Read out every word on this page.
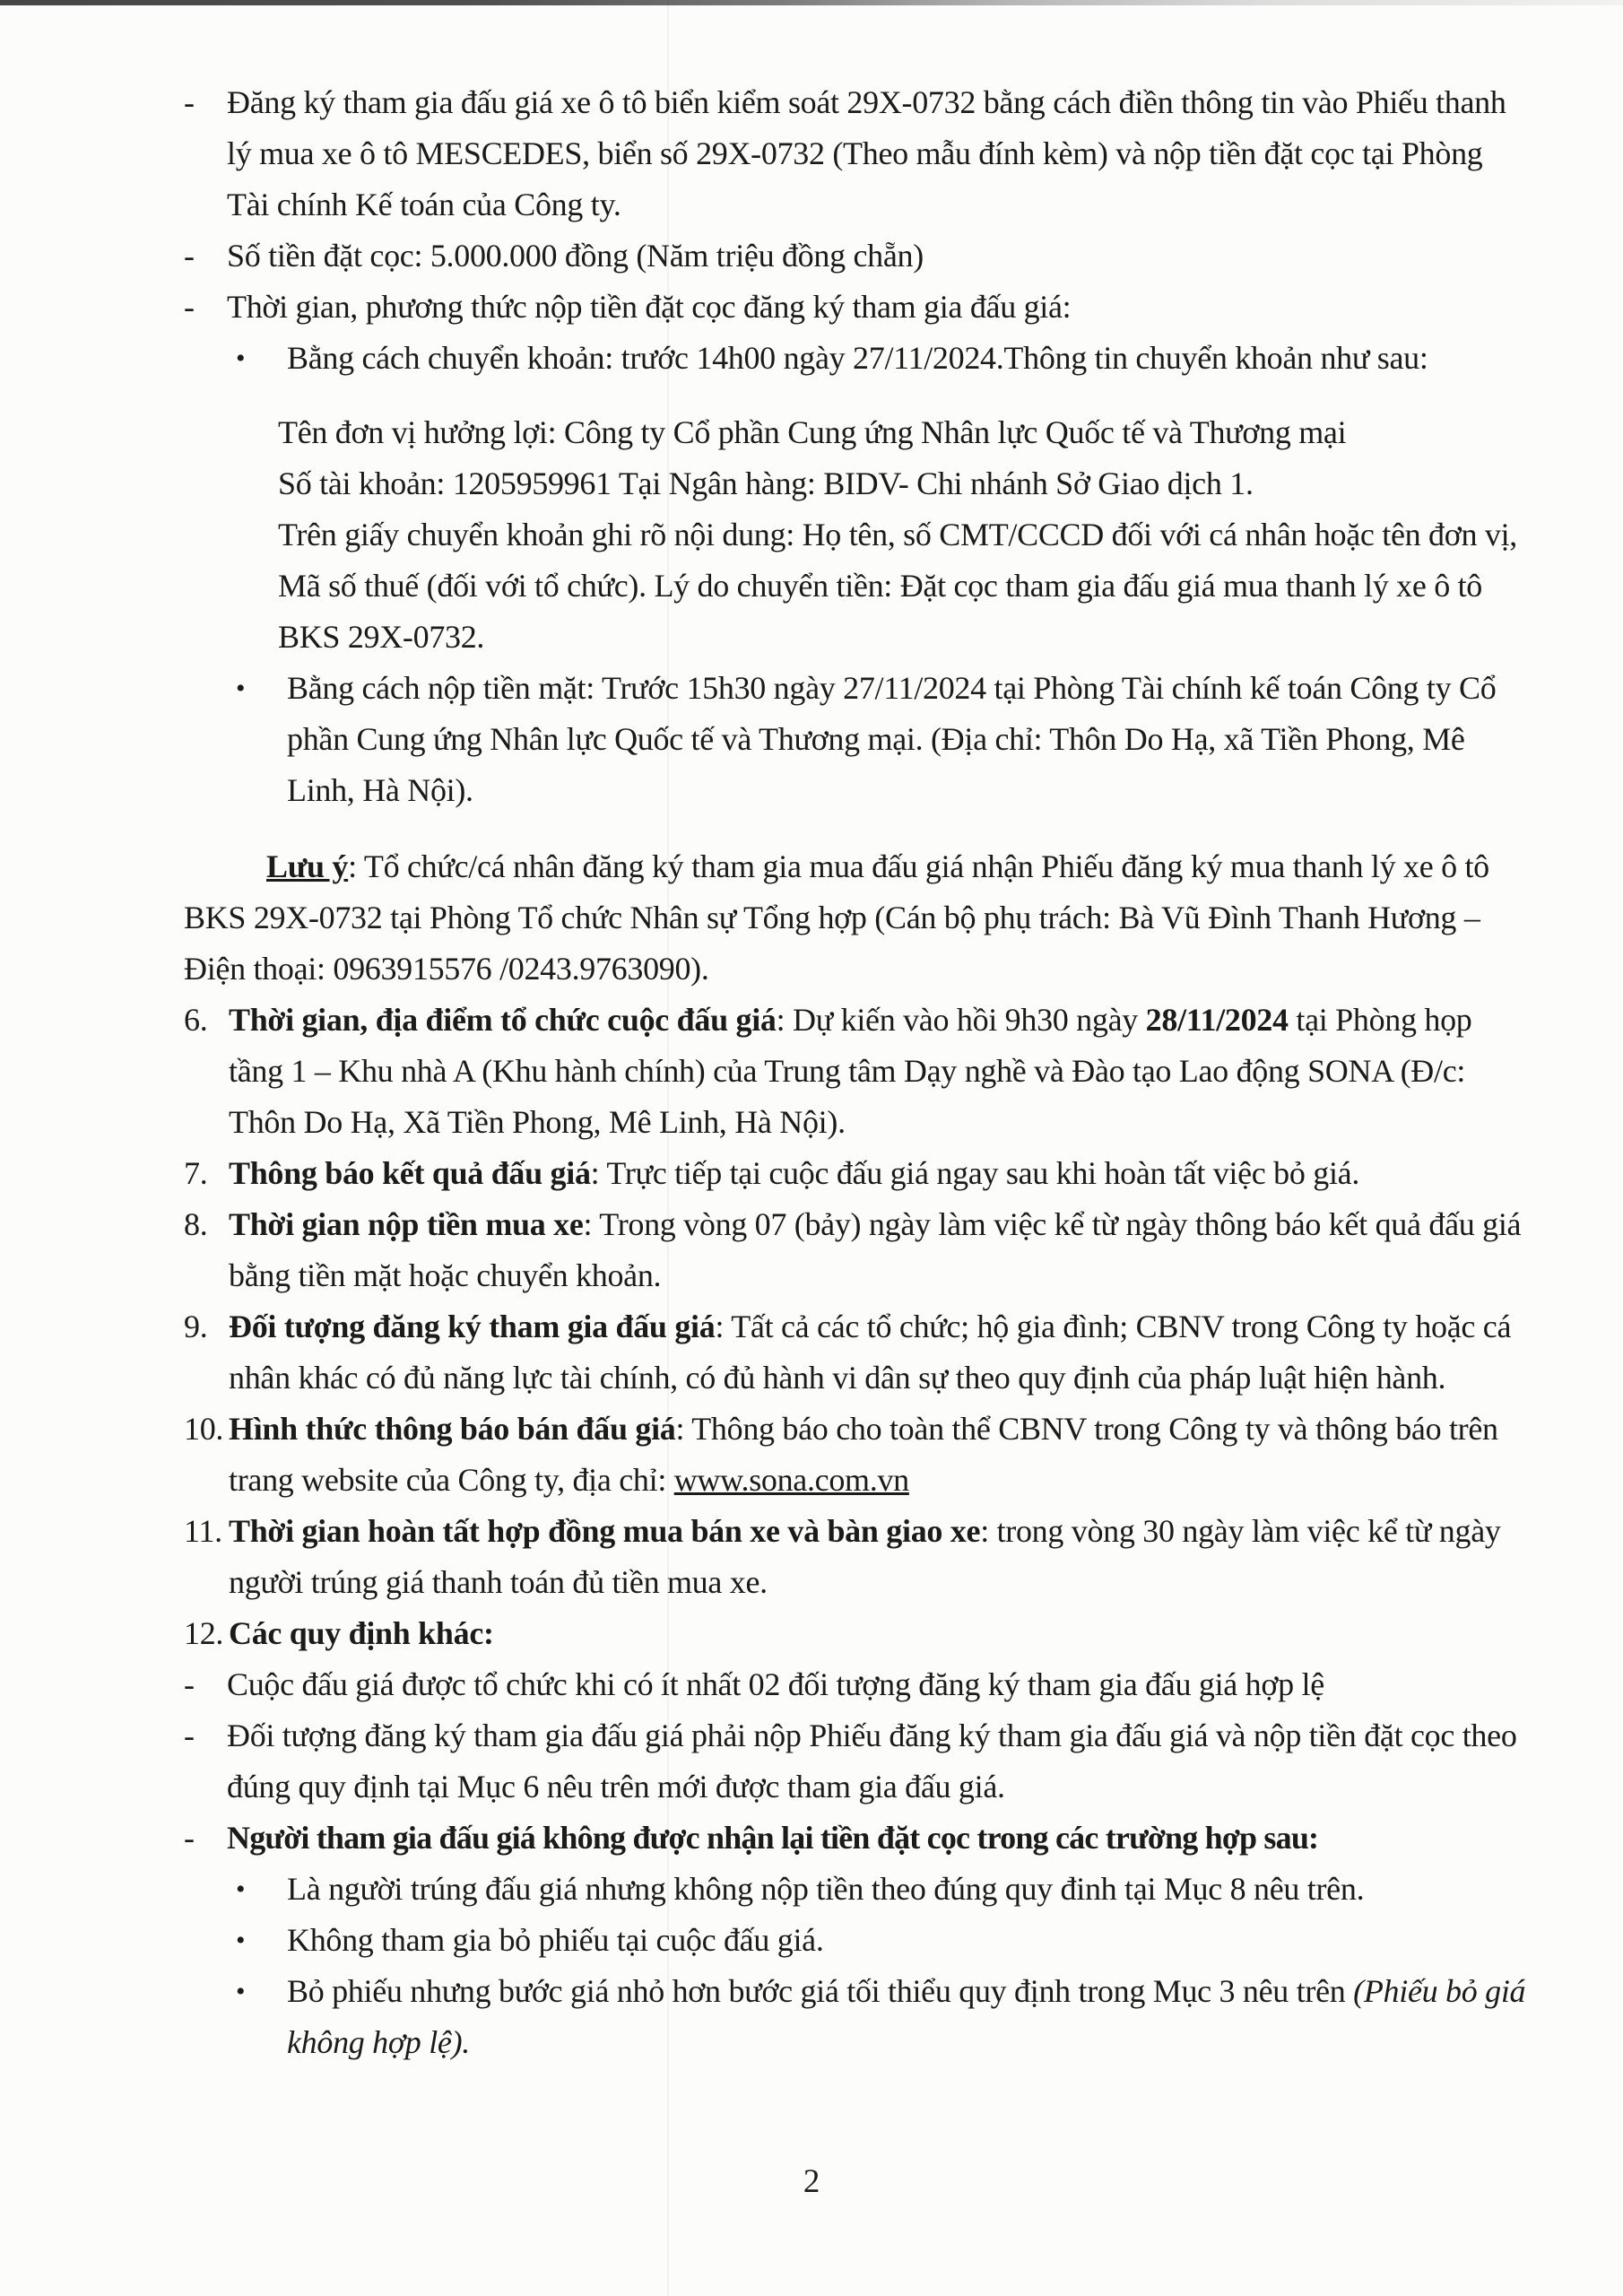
-	Đăng ký tham gia đấu giá xe ô tô biển kiểm soát 29X-0732 bằng cách điền thông tin vào Phiếu thanh lý mua xe ô tô MESCEDES, biển số 29X-0732 (Theo mẫu đính kèm) và nộp tiền đặt cọc tại Phòng Tài chính Kế toán của Công ty.

-	Số tiền đặt cọc: 5.000.000 đồng (Năm triệu đồng chẵn)

-	Thời gian, phương thức nộp tiền đặt cọc đăng ký tham gia đấu giá:

•	Bằng cách chuyển khoản: trước 14h00 ngày 27/11/2024.Thông tin chuyển khoản như sau:

Tên đơn vị hưởng lợi: Công ty Cổ phần Cung ứng Nhân lực Quốc tế và Thương mại

Số tài khoản: 1205959961 Tại Ngân hàng: BIDV- Chi nhánh Sở Giao dịch 1.

Trên giấy chuyển khoản ghi rõ nội dung: Họ tên, số CMT/CCCD đối với cá nhân hoặc tên đơn vị, Mã số thuế (đối với tổ chức). Lý do chuyển tiền: Đặt cọc tham gia đấu giá mua thanh lý xe ô tô BKS 29X-0732.

•	Bằng cách nộp tiền mặt: Trước 15h30 ngày 27/11/2024 tại Phòng Tài chính kế toán Công ty Cổ phần Cung ứng Nhân lực Quốc tế và Thương mại. (Địa chỉ: Thôn Do Hạ, xã Tiền Phong, Mê Linh, Hà Nội).

Lưu ý: Tổ chức/cá nhân đăng ký tham gia mua đấu giá nhận Phiếu đăng ký mua thanh lý xe ô tô BKS 29X-0732 tại Phòng Tổ chức Nhân sự Tổng hợp (Cán bộ phụ trách: Bà Vũ Đình Thanh Hương – Điện thoại: 0963915576 /0243.9763090).

6. Thời gian, địa điểm tổ chức cuộc đấu giá: Dự kiến vào hồi 9h30 ngày 28/11/2024 tại Phòng họp tầng 1 – Khu nhà A (Khu hành chính) của Trung tâm Dạy nghề và Đào tạo Lao động SONA (Đ/c: Thôn Do Hạ, Xã Tiền Phong, Mê Linh, Hà Nội).

7. Thông báo kết quả đấu giá: Trực tiếp tại cuộc đấu giá ngay sau khi hoàn tất việc bỏ giá.

8. Thời gian nộp tiền mua xe: Trong vòng 07 (bảy) ngày làm việc kể từ ngày thông báo kết quả đấu giá bằng tiền mặt hoặc chuyển khoản.

9. Đối tượng đăng ký tham gia đấu giá: Tất cả các tổ chức; hộ gia đình; CBNV trong Công ty hoặc cá nhân khác có đủ năng lực tài chính, có đủ hành vi dân sự theo quy định của pháp luật hiện hành.

10. Hình thức thông báo bán đấu giá: Thông báo cho toàn thể CBNV trong Công ty và thông báo trên trang website của Công ty, địa chỉ: www.sona.com.vn

11. Thời gian hoàn tất hợp đồng mua bán xe và bàn giao xe: trong vòng 30 ngày làm việc kể từ ngày người trúng giá thanh toán đủ tiền mua xe.

12. Các quy định khác:

-	Cuộc đấu giá được tổ chức khi có ít nhất 02 đối tượng đăng ký tham gia đấu giá hợp lệ

-	Đối tượng đăng ký tham gia đấu giá phải nộp Phiếu đăng ký tham gia đấu giá và nộp tiền đặt cọc theo đúng quy định tại Mục 6 nêu trên mới được tham gia đấu giá.

-	Người tham gia đấu giá không được nhận lại tiền đặt cọc trong các trường hợp sau:

•	Là người trúng đấu giá nhưng không nộp tiền theo đúng quy đinh tại Mục 8 nêu trên.

•	Không tham gia bỏ phiếu tại cuộc đấu giá.

•	Bỏ phiếu nhưng bước giá nhỏ hơn bước giá tối thiểu quy định trong Mục 3 nêu trên (Phiếu bỏ giá không hợp lệ).

2
